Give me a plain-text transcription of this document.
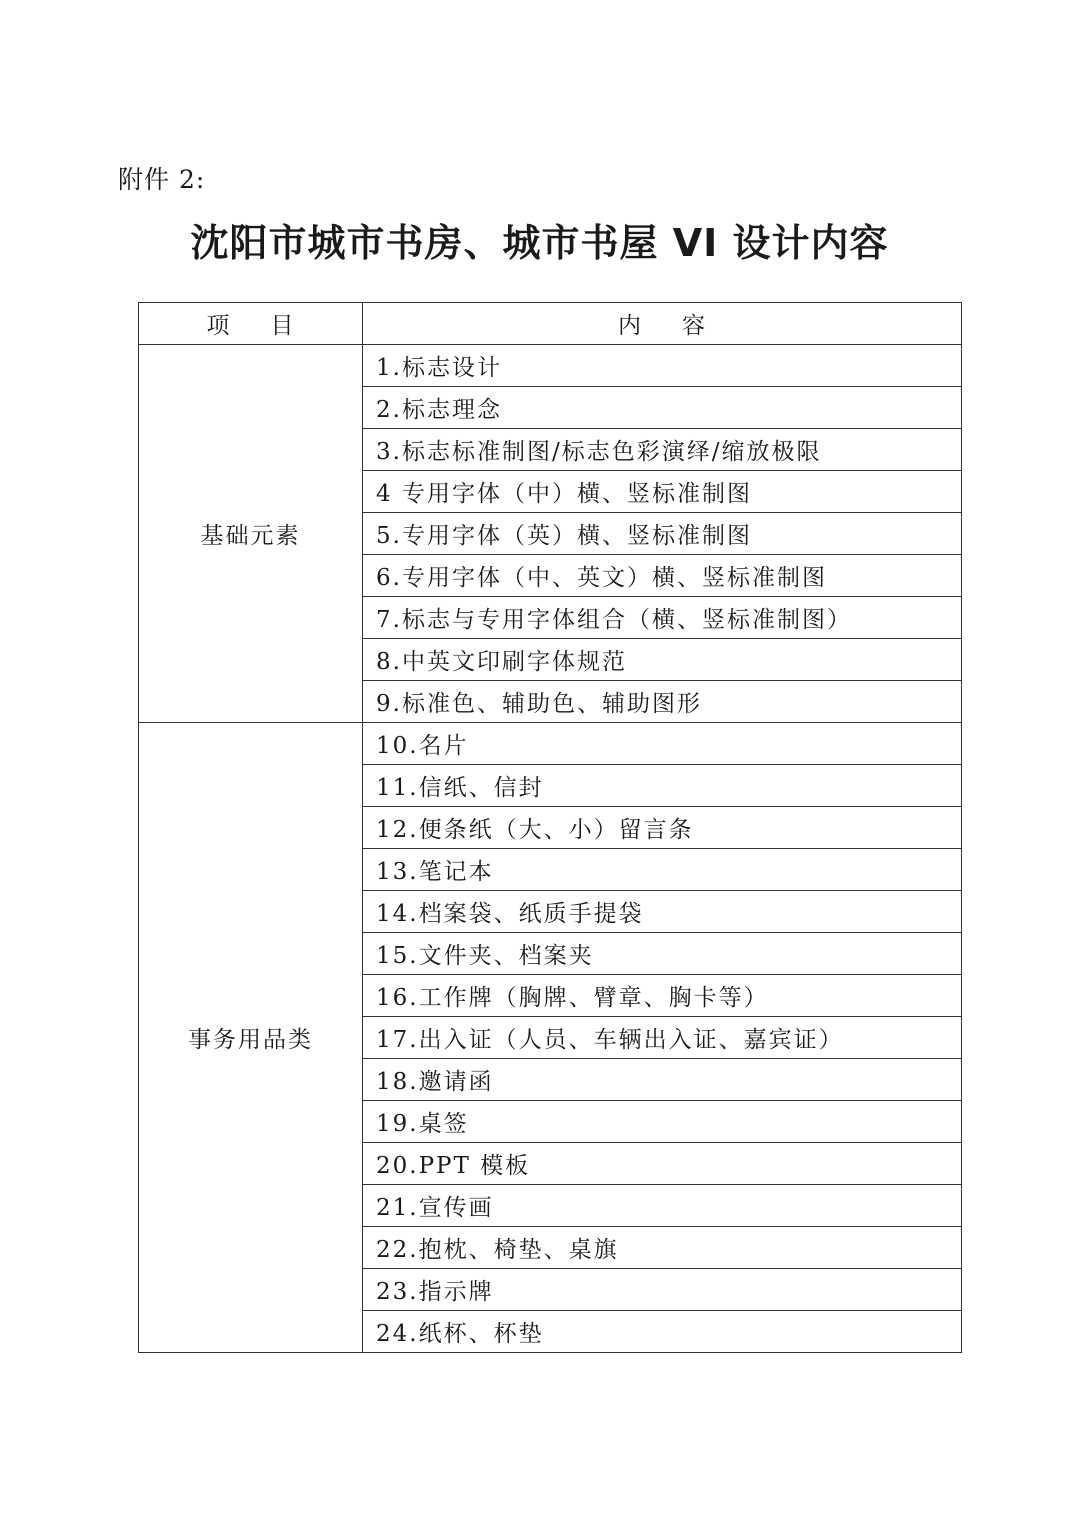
附件 2:
沈阳市城市书房、城市书屋 VI 设计内容
项 目	内 容
基础元素	1.标志设计
	2.标志理念
	3.标志标准制图/标志色彩演绎/缩放极限
	4 专用字体（中）横、竖标准制图
	5.专用字体（英）横、竖标准制图
	6.专用字体（中、英文）横、竖标准制图
	7.标志与专用字体组合（横、竖标准制图）
	8.中英文印刷字体规范
	9.标准色、辅助色、辅助图形
事务用品类	10.名片
	11.信纸、信封
	12.便条纸（大、小）留言条
	13.笔记本
	14.档案袋、纸质手提袋
	15.文件夹、档案夹
	16.工作牌（胸牌、臂章、胸卡等）
	17.出入证（人员、车辆出入证、嘉宾证）
	18.邀请函
	19.桌签
	20.PPT 模板
	21.宣传画
	22.抱枕、椅垫、桌旗
	23.指示牌
	24.纸杯、杯垫
